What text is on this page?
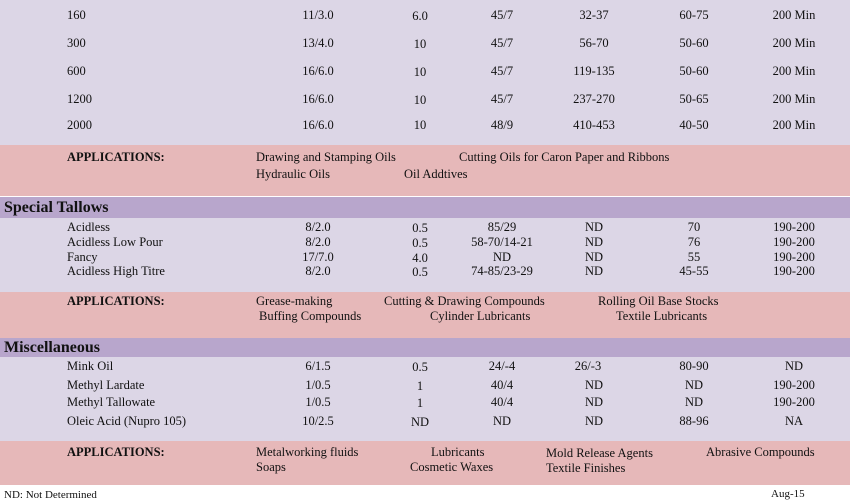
160	11/3.0	6.0	45/7	32-37	60-75	200 Min
300	13/4.0	10	45/7	56-70	50-60	200 Min
600	16/6.0	10	45/7	119-135	50-60	200 Min
1200	16/6.0	10	45/7	237-270	50-65	200 Min
2000	16/6.0	10	48/9	410-453	40-50	200 Min
APPLICATIONS:	Drawing and Stamping Oils	Cutting Oils for Caron Paper and Ribbons
Hydraulic Oils	Oil Addtives
Special Tallows
Acidless	8/2.0	0.5	85/29	ND	70	190-200
Acidless Low Pour	8/2.0	0.5	58-70/14-21	ND	76	190-200
Fancy	17/7.0	4.0	ND	ND	55	190-200
Acidless High Titre	8/2.0	0.5	74-85/23-29	ND	45-55	190-200
APPLICATIONS:	Grease-making	Cutting & Drawing Compounds	Rolling Oil Base Stocks
Buffing Compounds	Cylinder Lubricants	Textile Lubricants
Miscellaneous
Mink Oil	6/1.5	0.5	24/-4	26/-3	80-90	ND
Methyl Lardate	1/0.5	1	40/4	ND	ND	190-200
Methyl Tallowate	1/0.5	1	40/4	ND	ND	190-200
Oleic Acid (Nupro 105)	10/2.5	ND	ND	ND	88-96	NA
APPLICATIONS:	Metalworking fluids	Lubricants	Mold Release Agents	Abrasive Compounds
Soaps	Cosmetic Waxes	Textile Finishes
ND: Not Determined	Aug-15
